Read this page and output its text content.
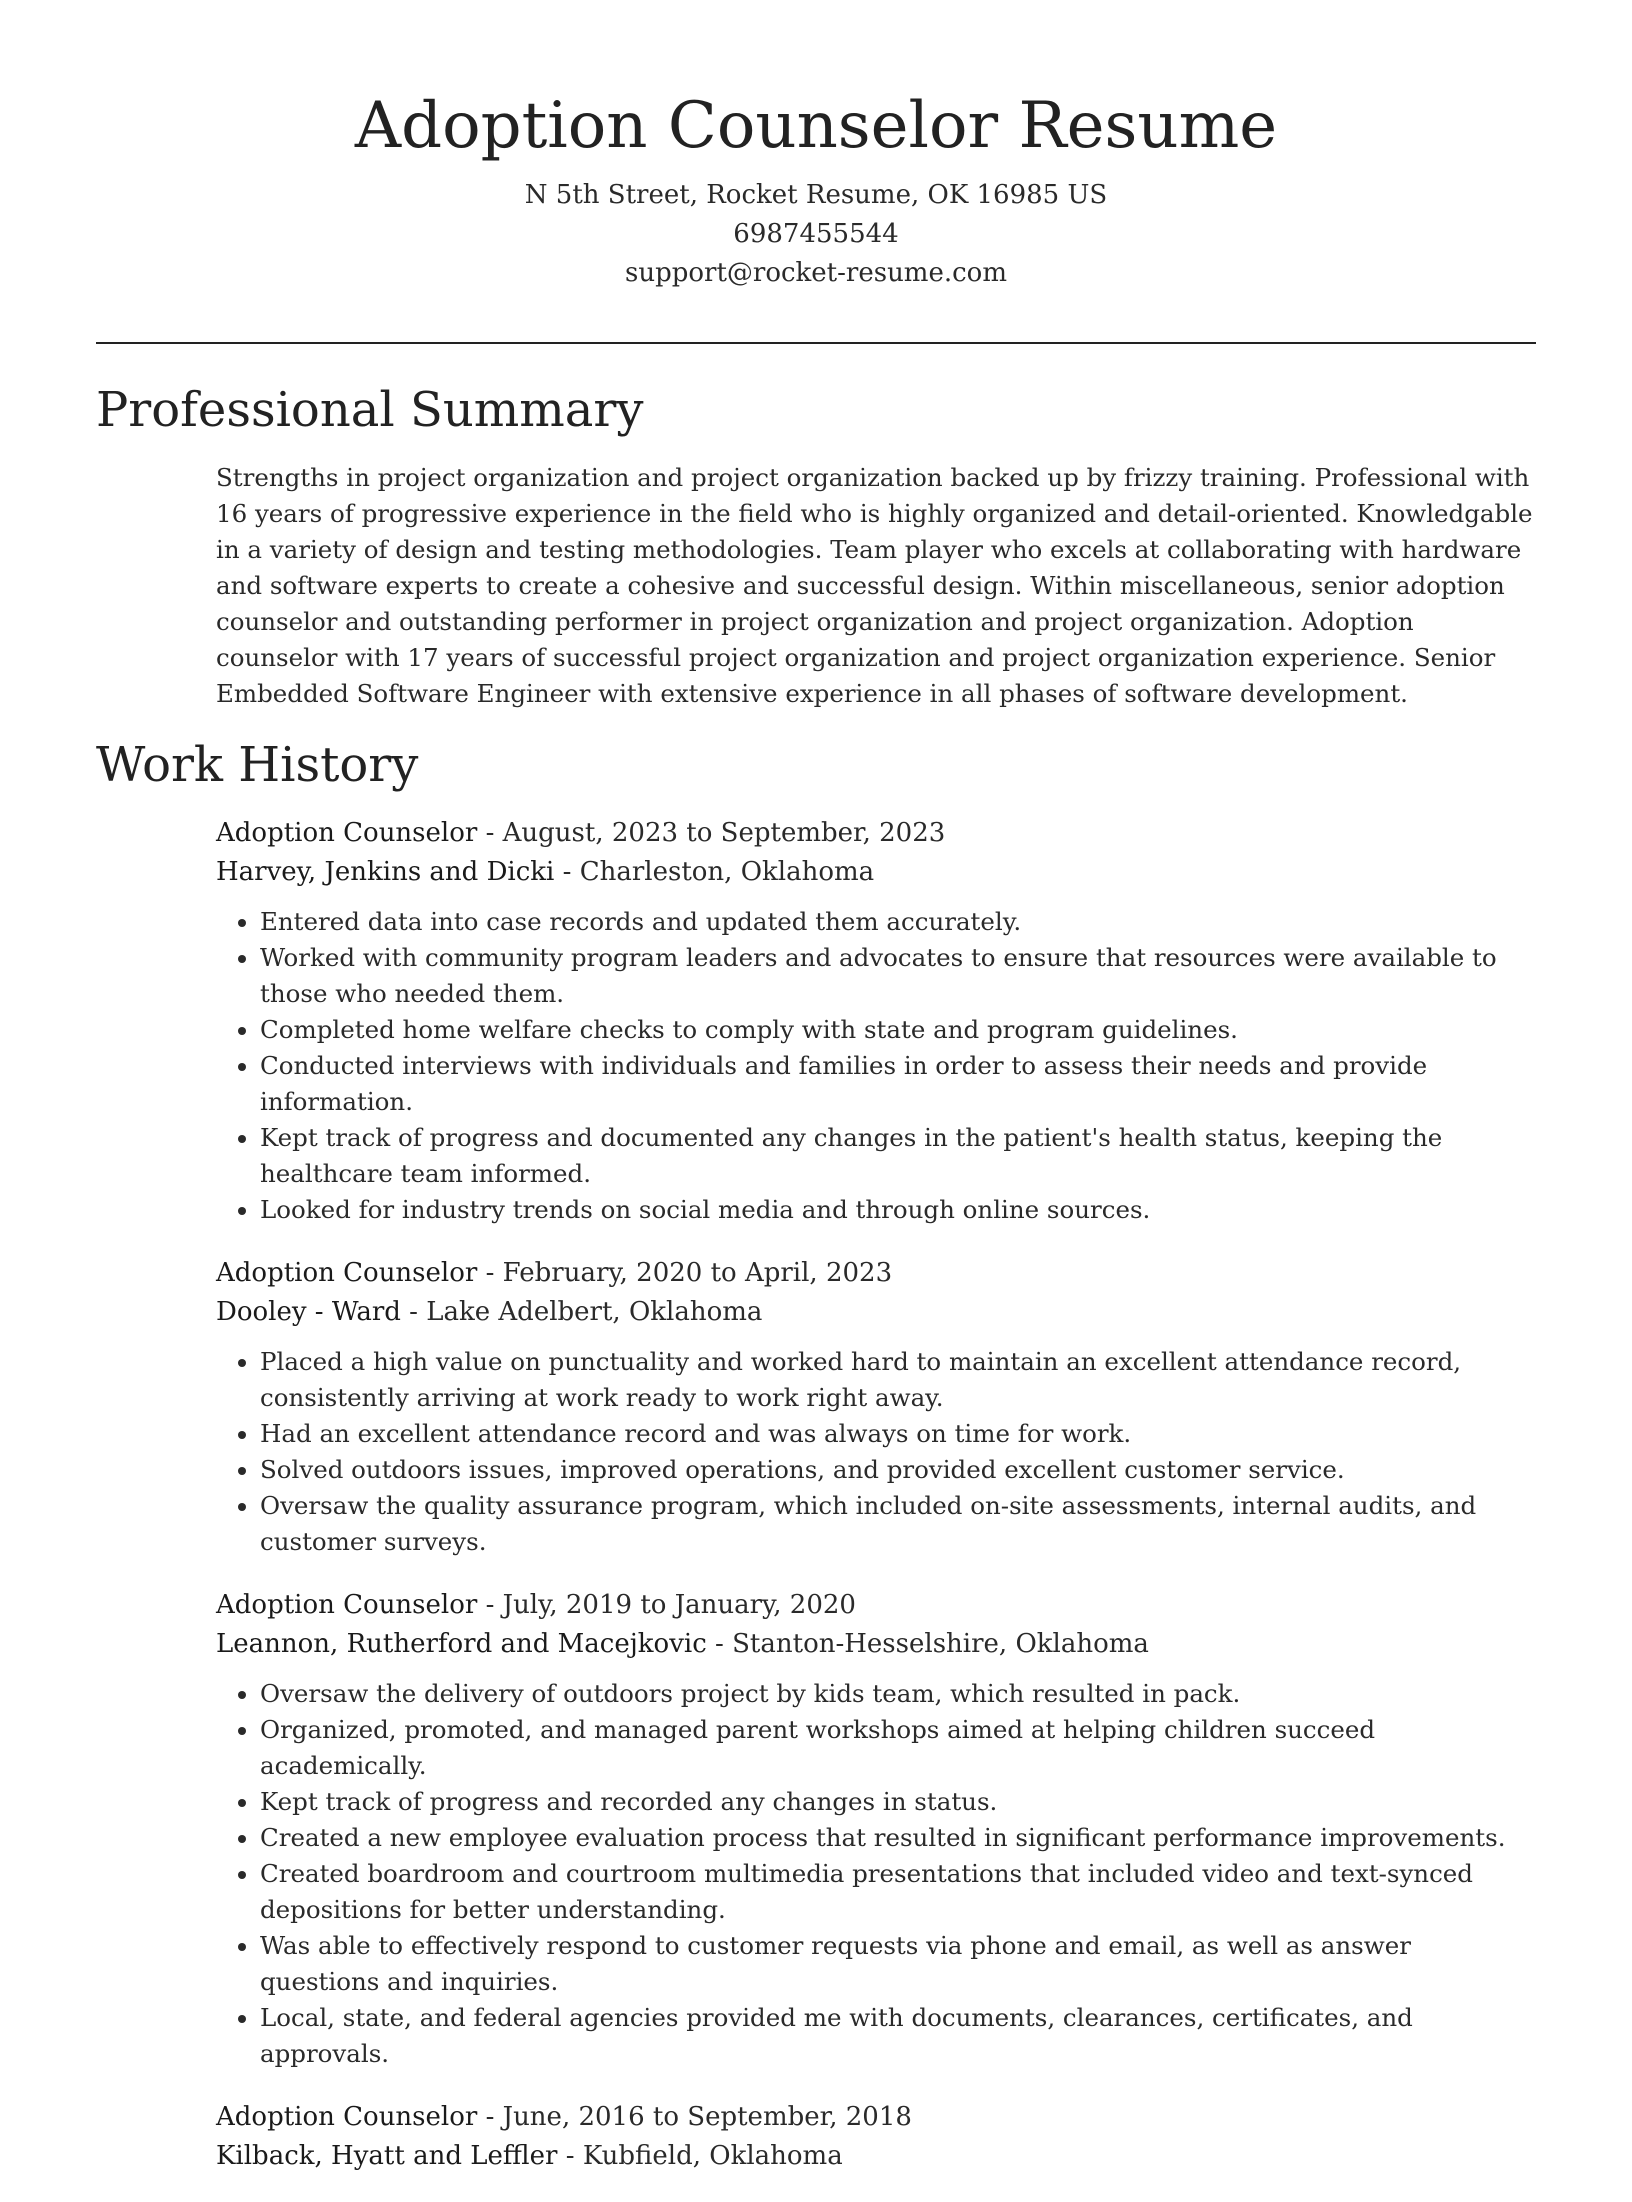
Adoption Counselor Resume
N 5th Street, Rocket Resume, OK 16985 US
6987455544
support@rocket-resume.com
Professional Summary

Strengths in project organization and project organization backed up by frizzy training. Professional with 16 years of progressive experience in the field who is highly organized and detail-oriented. Knowledgable in a variety of design and testing methodologies. Team player who excels at collaborating with hardware and software experts to create a cohesive and successful design. Within miscellaneous, senior adoption counselor and outstanding performer in project organization and project organization. Adoption counselor with 17 years of successful project organization and project organization experience. Senior Embedded Software Engineer with extensive experience in all phases of software development.

Work History
Adoption Counselor - August, 2023 to September, 2023
Harvey, Jenkins and Dicki - Charleston, Oklahoma
• Entered data into case records and updated them accurately.
• Worked with community program leaders and advocates to ensure that resources were available to those who needed them.
• Completed home welfare checks to comply with state and program guidelines.
• Conducted interviews with individuals and families in order to assess their needs and provide information.
• Kept track of progress and documented any changes in the patient's health status, keeping the healthcare team informed.
• Looked for industry trends on social media and through online sources.
Adoption Counselor - February, 2020 to April, 2023
Dooley - Ward - Lake Adelbert, Oklahoma
• Placed a high value on punctuality and worked hard to maintain an excellent attendance record, consistently arriving at work ready to work right away.
• Had an excellent attendance record and was always on time for work.
• Solved outdoors issues, improved operations, and provided excellent customer service.
• Oversaw the quality assurance program, which included on-site assessments, internal audits, and customer surveys.
Adoption Counselor - July, 2019 to January, 2020
Leannon, Rutherford and Macejkovic - Stanton-Hesselshire, Oklahoma
• Oversaw the delivery of outdoors project by kids team, which resulted in pack.
• Organized, promoted, and managed parent workshops aimed at helping children succeed academically.
• Kept track of progress and recorded any changes in status.
• Created a new employee evaluation process that resulted in significant performance improvements.
• Created boardroom and courtroom multimedia presentations that included video and text-synced depositions for better understanding.
• Was able to effectively respond to customer requests via phone and email, as well as answer questions and inquiries.
• Local, state, and federal agencies provided me with documents, clearances, certificates, and approvals.
Adoption Counselor - June, 2016 to September, 2018
Kilback, Hyatt and Leffler - Kubfield, Oklahoma
